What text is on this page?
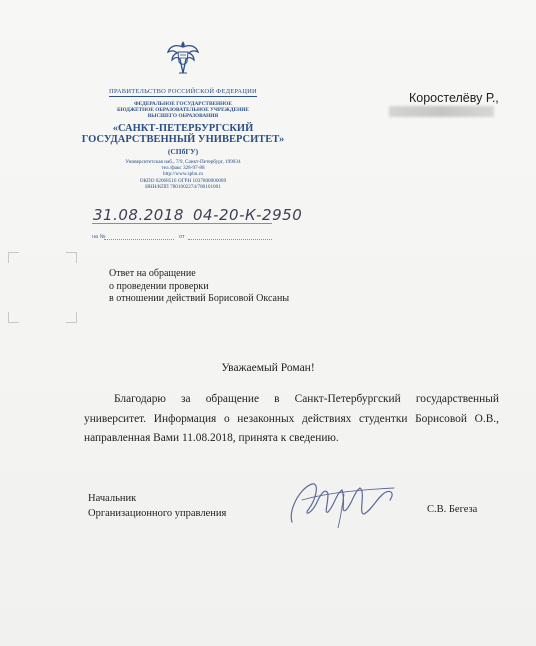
ПРАВИТЕЛЬСТВО РОССИЙСКОЙ ФЕДЕРАЦИИ
ФЕДЕРАЛЬНОЕ ГОСУДАРСТВЕННОЕ
БЮДЖЕТНОЕ ОБРАЗОВАТЕЛЬНОЕ УЧРЕЖДЕНИЕ
ВЫСШЕГО ОБРАЗОВАНИЯ
«САНКТ-ПЕТЕРБУРГСКИЙ
ГОСУДАРСТВЕННЫЙ УНИВЕРСИТЕТ»
(СПбГУ)
Университетская наб., 7/9, Санкт-Петербург, 199034
тел./факс 328-97-88
http://www.spbu.ru
ОКПО 02068516 ОГРН 1037800006089
ИНН/КПП 7801002274/780101001
31.08.2018 04-20-К-2950
на №	от
Коростелёву Р.,
Ответ на обращение
о проведении проверки
в отношении действий Борисовой Оксаны
Уважаемый Роман!

Благодарю за обращение в Санкт-Петербургский государственный университет. Информация о незаконных действиях студентки Борисовой О.В., направленная Вами 11.08.2018, принята к сведению.

Начальник
Организационного управления	С.В. Бегеза
